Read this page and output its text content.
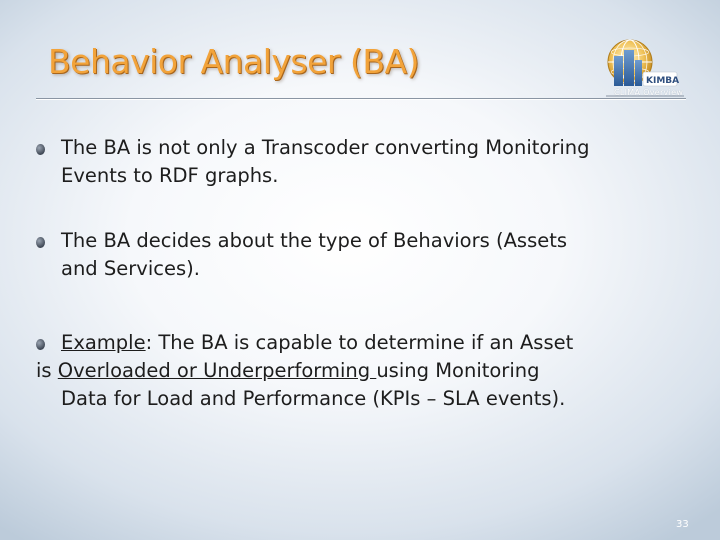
Behavior Analyser (BA)	KIMBA
CLIMA Overview

The BA is not only a Transcoder converting Monitoring
Events to RDF graphs.

The BA decides about the type of Behaviors (Assets
and Services).

Example: The BA is capable to determine if an Asset
is Overloaded or Underperforming using Monitoring
Data for Load and Performance (KPIs – SLA events).

33
